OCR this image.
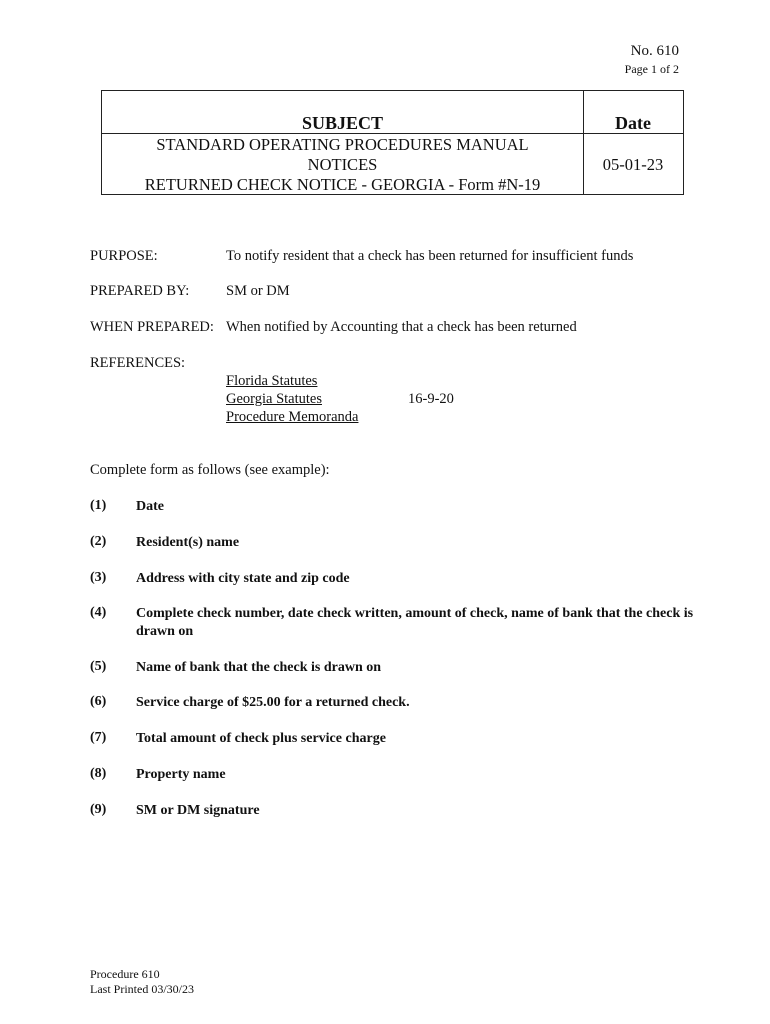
No. 610
Page 1 of 2
SUBJECT	Date
STANDARD OPERATING PROCEDURES MANUAL
NOTICES
RETURNED CHECK NOTICE - GEORGIA - Form #N-19
05-01-23
PURPOSE:	To notify resident that a check has been returned for insufficient funds
PREPARED BY:	SM or DM
WHEN PREPARED: When notified by Accounting that a check has been returned
REFERENCES:
Florida Statutes
Georgia Statutes	16-9-20
Procedure Memoranda
Complete form as follows (see example):
(1) Date
(2) Resident(s) name
(3) Address with city state and zip code
(4) Complete check number, date check written, amount of check, name of bank that the check is drawn on
(5) Name of bank that the check is drawn on
(6) Service charge of $25.00 for a returned check.
(7) Total amount of check plus service charge
(8) Property name
(9) SM or DM signature
Procedure 610
Last Printed 03/30/23
